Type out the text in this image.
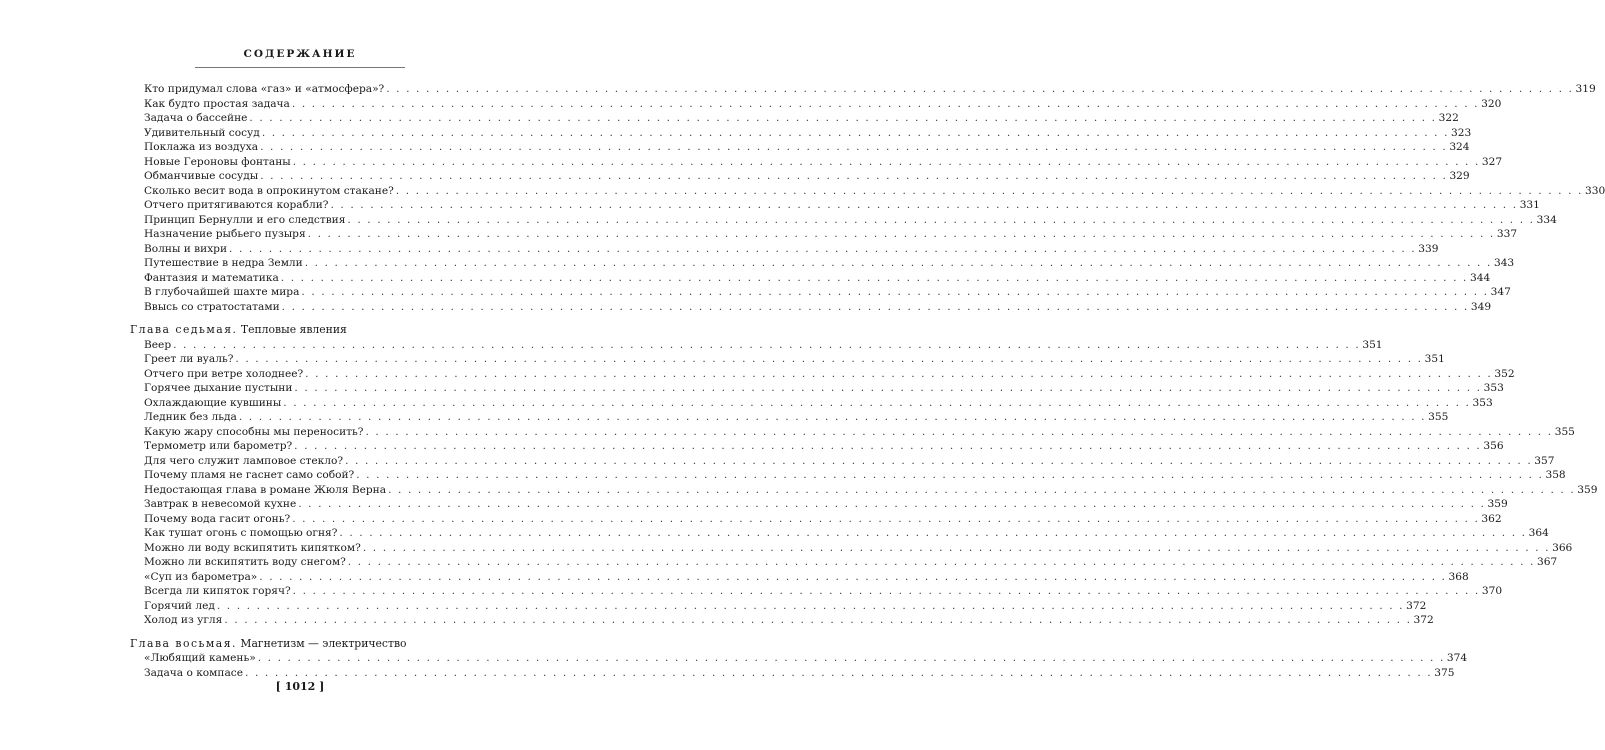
СОДЕРЖАНИЕ
Кто придумал слова «газ» и «атмосфера»? . . . . . . . . . . . . . . . . . . . . . . . . . . . . . . . . . . . . . . . . . . . . . . . . . . . . . . . . . . . . . . . . . . . . . . . . . . . . . . . . . . . . . . . . . . . . . . . . . . . . . . . . . . . . . . . . . . . . . . . . 319
Как будто простая задача . . . . . . . . . . . . . . . . . . . . . . . . . . . . . . . . . . . . . . . . . . . . . . . . . . . . . . . . . . . . . . . . . . . . . . . . . . . . . . . . . . . . . . . . . . . . . . . . . . . . . . . . . . . . . . . . . . . . . . . . 320
Задача о бассейне . . . . . . . . . . . . . . . . . . . . . . . . . . . . . . . . . . . . . . . . . . . . . . . . . . . . . . . . . . . . . . . . . . . . . . . . . . . . . . . . . . . . . . . . . . . . . . . . . . . . . . . . . . . . . . . . . . . . . . . . 322
Удивительный сосуд . . . . . . . . . . . . . . . . . . . . . . . . . . . . . . . . . . . . . . . . . . . . . . . . . . . . . . . . . . . . . . . . . . . . . . . . . . . . . . . . . . . . . . . . . . . . . . . . . . . . . . . . . . . . . . . . . . . . . . . . 323
Поклажа из воздуха . . . . . . . . . . . . . . . . . . . . . . . . . . . . . . . . . . . . . . . . . . . . . . . . . . . . . . . . . . . . . . . . . . . . . . . . . . . . . . . . . . . . . . . . . . . . . . . . . . . . . . . . . . . . . . . . . . . . . . . . 324
Новые Героновы фонтаны . . . . . . . . . . . . . . . . . . . . . . . . . . . . . . . . . . . . . . . . . . . . . . . . . . . . . . . . . . . . . . . . . . . . . . . . . . . . . . . . . . . . . . . . . . . . . . . . . . . . . . . . . . . . . . . . . . . . . . . . 327
Обманчивые сосуды . . . . . . . . . . . . . . . . . . . . . . . . . . . . . . . . . . . . . . . . . . . . . . . . . . . . . . . . . . . . . . . . . . . . . . . . . . . . . . . . . . . . . . . . . . . . . . . . . . . . . . . . . . . . . . . . . . . . . . . . 329
Сколько весит вода в опрокинутом стакане? . . . . . . . . . . . . . . . . . . . . . . . . . . . . . . . . . . . . . . . . . . . . . . . . . . . . . . . . . . . . . . . . . . . . . . . . . . . . . . . . . . . . . . . . . . . . . . . . . . . . . . . . . . . . . . . . . . . . . . . . 330
Отчего притягиваются корабли? . . . . . . . . . . . . . . . . . . . . . . . . . . . . . . . . . . . . . . . . . . . . . . . . . . . . . . . . . . . . . . . . . . . . . . . . . . . . . . . . . . . . . . . . . . . . . . . . . . . . . . . . . . . . . . . . . . . . . . . . 331
Принцип Бернулли и его следствия . . . . . . . . . . . . . . . . . . . . . . . . . . . . . . . . . . . . . . . . . . . . . . . . . . . . . . . . . . . . . . . . . . . . . . . . . . . . . . . . . . . . . . . . . . . . . . . . . . . . . . . . . . . . . . . . . . . . . . . . 334
Назначение рыбьего пузыря . . . . . . . . . . . . . . . . . . . . . . . . . . . . . . . . . . . . . . . . . . . . . . . . . . . . . . . . . . . . . . . . . . . . . . . . . . . . . . . . . . . . . . . . . . . . . . . . . . . . . . . . . . . . . . . . . . . . . . . . 337
Волны и вихри . . . . . . . . . . . . . . . . . . . . . . . . . . . . . . . . . . . . . . . . . . . . . . . . . . . . . . . . . . . . . . . . . . . . . . . . . . . . . . . . . . . . . . . . . . . . . . . . . . . . . . . . . . . . . . . . . . . . . . . . 339
Путешествие в недра Земли . . . . . . . . . . . . . . . . . . . . . . . . . . . . . . . . . . . . . . . . . . . . . . . . . . . . . . . . . . . . . . . . . . . . . . . . . . . . . . . . . . . . . . . . . . . . . . . . . . . . . . . . . . . . . . . . . . . . . . . . 343
Фантазия и математика . . . . . . . . . . . . . . . . . . . . . . . . . . . . . . . . . . . . . . . . . . . . . . . . . . . . . . . . . . . . . . . . . . . . . . . . . . . . . . . . . . . . . . . . . . . . . . . . . . . . . . . . . . . . . . . . . . . . . . . . 344
В глубочайшей шахте мира . . . . . . . . . . . . . . . . . . . . . . . . . . . . . . . . . . . . . . . . . . . . . . . . . . . . . . . . . . . . . . . . . . . . . . . . . . . . . . . . . . . . . . . . . . . . . . . . . . . . . . . . . . . . . . . . . . . . . . . . 347
Ввысь со стратостатами . . . . . . . . . . . . . . . . . . . . . . . . . . . . . . . . . . . . . . . . . . . . . . . . . . . . . . . . . . . . . . . . . . . . . . . . . . . . . . . . . . . . . . . . . . . . . . . . . . . . . . . . . . . . . . . . . . . . . . . . 349
Глава седьмая. Тепловые явления
Веер . . . . . . . . . . . . . . . . . . . . . . . . . . . . . . . . . . . . . . . . . . . . . . . . . . . . . . . . . . . . . . . . . . . . . . . . . . . . . . . . . . . . . . . . . . . . . . . . . . . . . . . . . . . . . . . . . . . . . . . . 351
Греет ли вуаль? . . . . . . . . . . . . . . . . . . . . . . . . . . . . . . . . . . . . . . . . . . . . . . . . . . . . . . . . . . . . . . . . . . . . . . . . . . . . . . . . . . . . . . . . . . . . . . . . . . . . . . . . . . . . . . . . . . . . . . . . 351
Отчего при ветре холоднее? . . . . . . . . . . . . . . . . . . . . . . . . . . . . . . . . . . . . . . . . . . . . . . . . . . . . . . . . . . . . . . . . . . . . . . . . . . . . . . . . . . . . . . . . . . . . . . . . . . . . . . . . . . . . . . . . . . . . . . . . 352
Горячее дыхание пустыни . . . . . . . . . . . . . . . . . . . . . . . . . . . . . . . . . . . . . . . . . . . . . . . . . . . . . . . . . . . . . . . . . . . . . . . . . . . . . . . . . . . . . . . . . . . . . . . . . . . . . . . . . . . . . . . . . . . . . . . . 353
Охлаждающие кувшины . . . . . . . . . . . . . . . . . . . . . . . . . . . . . . . . . . . . . . . . . . . . . . . . . . . . . . . . . . . . . . . . . . . . . . . . . . . . . . . . . . . . . . . . . . . . . . . . . . . . . . . . . . . . . . . . . . . . . . . . 353
Ледник без льда . . . . . . . . . . . . . . . . . . . . . . . . . . . . . . . . . . . . . . . . . . . . . . . . . . . . . . . . . . . . . . . . . . . . . . . . . . . . . . . . . . . . . . . . . . . . . . . . . . . . . . . . . . . . . . . . . . . . . . . . 355
Какую жару способны мы переносить? . . . . . . . . . . . . . . . . . . . . . . . . . . . . . . . . . . . . . . . . . . . . . . . . . . . . . . . . . . . . . . . . . . . . . . . . . . . . . . . . . . . . . . . . . . . . . . . . . . . . . . . . . . . . . . . . . . . . . . . . 355
Термометр или барометр? . . . . . . . . . . . . . . . . . . . . . . . . . . . . . . . . . . . . . . . . . . . . . . . . . . . . . . . . . . . . . . . . . . . . . . . . . . . . . . . . . . . . . . . . . . . . . . . . . . . . . . . . . . . . . . . . . . . . . . . . 356
Для чего служит ламповое стекло? . . . . . . . . . . . . . . . . . . . . . . . . . . . . . . . . . . . . . . . . . . . . . . . . . . . . . . . . . . . . . . . . . . . . . . . . . . . . . . . . . . . . . . . . . . . . . . . . . . . . . . . . . . . . . . . . . . . . . . . . 357
Почему пламя не гаснет само собой? . . . . . . . . . . . . . . . . . . . . . . . . . . . . . . . . . . . . . . . . . . . . . . . . . . . . . . . . . . . . . . . . . . . . . . . . . . . . . . . . . . . . . . . . . . . . . . . . . . . . . . . . . . . . . . . . . . . . . . . . 358
Недостающая глава в романе Жюля Верна . . . . . . . . . . . . . . . . . . . . . . . . . . . . . . . . . . . . . . . . . . . . . . . . . . . . . . . . . . . . . . . . . . . . . . . . . . . . . . . . . . . . . . . . . . . . . . . . . . . . . . . . . . . . . . . . . . . . . . . . 359
Завтрак в невесомой кухне . . . . . . . . . . . . . . . . . . . . . . . . . . . . . . . . . . . . . . . . . . . . . . . . . . . . . . . . . . . . . . . . . . . . . . . . . . . . . . . . . . . . . . . . . . . . . . . . . . . . . . . . . . . . . . . . . . . . . . . . 359
Почему вода гасит огонь? . . . . . . . . . . . . . . . . . . . . . . . . . . . . . . . . . . . . . . . . . . . . . . . . . . . . . . . . . . . . . . . . . . . . . . . . . . . . . . . . . . . . . . . . . . . . . . . . . . . . . . . . . . . . . . . . . . . . . . . . 362
Как тушат огонь с помощью огня? . . . . . . . . . . . . . . . . . . . . . . . . . . . . . . . . . . . . . . . . . . . . . . . . . . . . . . . . . . . . . . . . . . . . . . . . . . . . . . . . . . . . . . . . . . . . . . . . . . . . . . . . . . . . . . . . . . . . . . . . 364
Можно ли воду вскипятить кипятком? . . . . . . . . . . . . . . . . . . . . . . . . . . . . . . . . . . . . . . . . . . . . . . . . . . . . . . . . . . . . . . . . . . . . . . . . . . . . . . . . . . . . . . . . . . . . . . . . . . . . . . . . . . . . . . . . . . . . . . . . 366
Можно ли вскипятить воду снегом? . . . . . . . . . . . . . . . . . . . . . . . . . . . . . . . . . . . . . . . . . . . . . . . . . . . . . . . . . . . . . . . . . . . . . . . . . . . . . . . . . . . . . . . . . . . . . . . . . . . . . . . . . . . . . . . . . . . . . . . . 367
«Суп из барометра» . . . . . . . . . . . . . . . . . . . . . . . . . . . . . . . . . . . . . . . . . . . . . . . . . . . . . . . . . . . . . . . . . . . . . . . . . . . . . . . . . . . . . . . . . . . . . . . . . . . . . . . . . . . . . . . . . . . . . . . . 368
Всегда ли кипяток горяч? . . . . . . . . . . . . . . . . . . . . . . . . . . . . . . . . . . . . . . . . . . . . . . . . . . . . . . . . . . . . . . . . . . . . . . . . . . . . . . . . . . . . . . . . . . . . . . . . . . . . . . . . . . . . . . . . . . . . . . . . 370
Горячий лед . . . . . . . . . . . . . . . . . . . . . . . . . . . . . . . . . . . . . . . . . . . . . . . . . . . . . . . . . . . . . . . . . . . . . . . . . . . . . . . . . . . . . . . . . . . . . . . . . . . . . . . . . . . . . . . . . . . . . . . . 372
Холод из угля . . . . . . . . . . . . . . . . . . . . . . . . . . . . . . . . . . . . . . . . . . . . . . . . . . . . . . . . . . . . . . . . . . . . . . . . . . . . . . . . . . . . . . . . . . . . . . . . . . . . . . . . . . . . . . . . . . . . . . . . 372
Глава восьмая. Магнетизм — электричество
«Любящий камень» . . . . . . . . . . . . . . . . . . . . . . . . . . . . . . . . . . . . . . . . . . . . . . . . . . . . . . . . . . . . . . . . . . . . . . . . . . . . . . . . . . . . . . . . . . . . . . . . . . . . . . . . . . . . . . . . . . . . . . . . 374
Задача о компасе . . . . . . . . . . . . . . . . . . . . . . . . . . . . . . . . . . . . . . . . . . . . . . . . . . . . . . . . . . . . . . . . . . . . . . . . . . . . . . . . . . . . . . . . . . . . . . . . . . . . . . . . . . . . . . . . . . . . . . . . 375
[ 1012 ]
